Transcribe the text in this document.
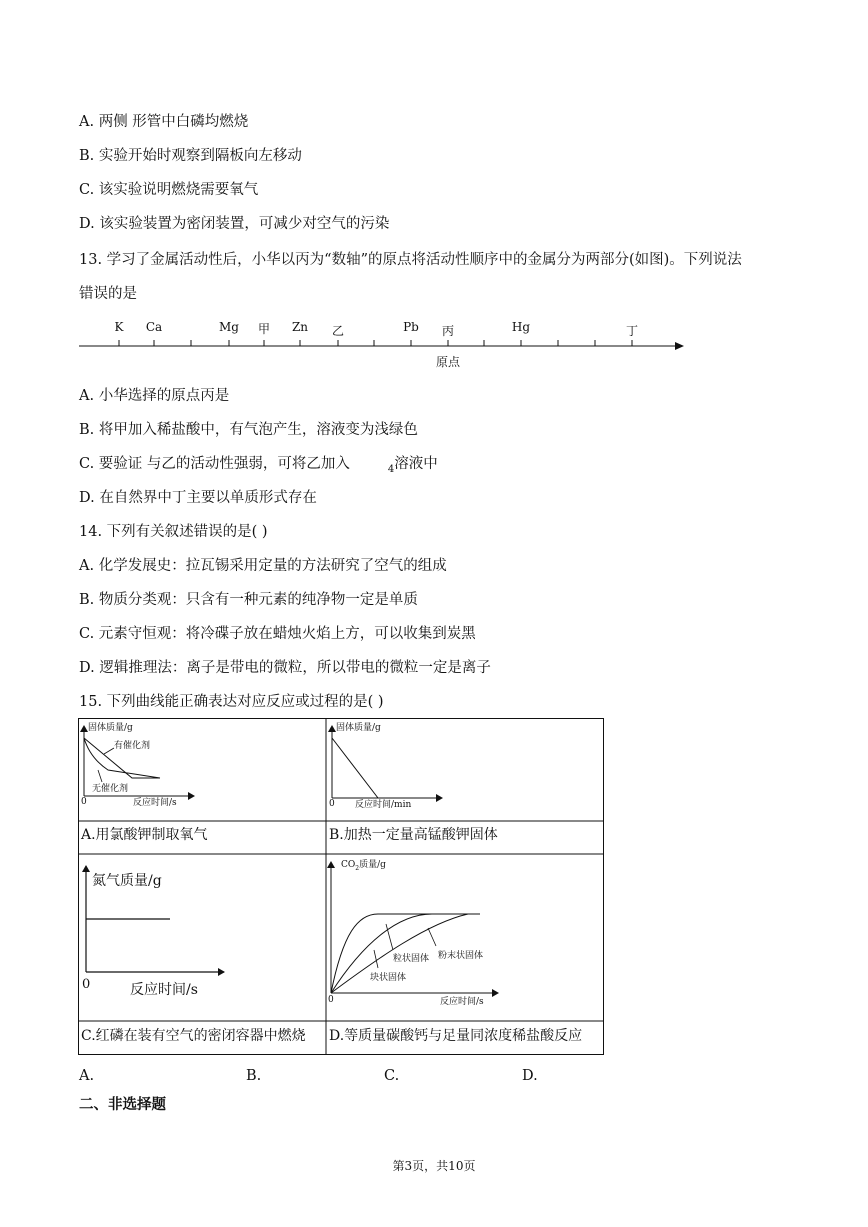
A. 两侧 形管中白磷均燃烧
B. 实验开始时观察到隔板向左移动
C. 该实验说明燃烧需要氧气
D. 该实验装置为密闭装置，可减少对空气的污染
13. 学习了金属活动性后，小华以丙为“数轴”的原点将活动性顺序中的金属分为两部分(如图)。下列说法
错误的是
K Ca	Mg 甲 Zn 乙	Pb 丙	Hg	丁
原点
A. 小华选择的原点丙是
B. 将甲加入稀盐酸中，有气泡产生，溶液变为浅绿色
C. 要验证 与乙的活动性强弱，可将乙加入	$_4$溶液中
D. 在自然界中丁主要以单质形式存在
14. 下列有关叙述错误的是( )
A. 化学发展史：拉瓦锡采用定量的方法研究了空气的组成
B. 物质分类观：只含有一种元素的纯净物一定是单质
C. 元素守恒观：将冷碟子放在蜡烛火焰上方，可以收集到炭黑
D. 逻辑推理法：离子是带电的微粒，所以带电的微粒一定是离子
15. 下列曲线能正确表达对应反应或过程的是( )
固体质量/g
0	反应时间/s
有催化剂
无催化剂
A.用氯酸钾制取氧气
固体质量/g
0 反应时间/min
B.加热一定量高锰酸钾固体
氮气质量/g
0	反应时间/s
C.红磷在装有空气的密闭容器中燃烧
$CO_2$质量/g
0	反应时间/s
粒状固体 粉末状固体
块状固体
D.等质量碳酸钙与足量同浓度稀盐酸反应
A.	B.	C.	D.
二、非选择题
第3页，共10页
